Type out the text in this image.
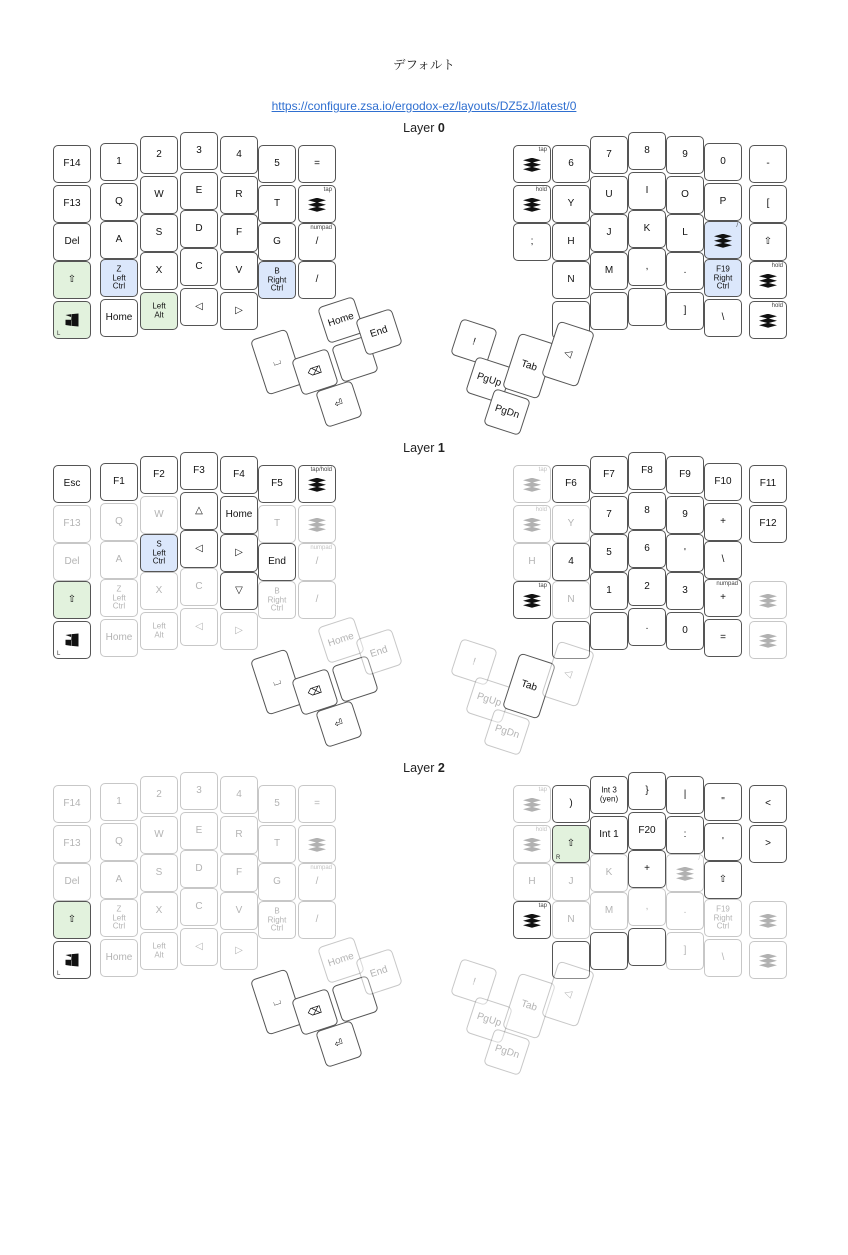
デフォルト
https://configure.zsa.io/ergodox-ez/layouts/DZ5zJ/latest/0
Layer 0
F14	1
2	3	4
5	=
F13	Q
W	E	R
T
tap
Del	A
S	D	F
G	/
numpad
⇧
Z
Left
Ctrl
X	C	V	B
Right
Ctrl
/
L
Home
Left
Alt
◁	▷
tap
6
7	8	9
0	-
hold
Y
U	I	O
P	[
;	H
J	K	L
/
⇧
N
M	,	.	F19
Right
Ctrl
hold
]
\
hold
⌴
⌫
Home
End
⏎
!
PgUp
PgDn
Tab
◁
Layer 1
Esc	F1
F2	F3	F4
F5
tap/hold
F13	Q
W	△	Home
T
Del	A
S
Left
Ctrl
◁	▷
End	/
numpad
⇧
Z
Left
Ctrl
X	C	▽	B
Right
Ctrl
/
L
Home
Left
Alt
◁	▷
tap
F6
F7	F8	F9
F10	F11
hold
Y
7	8	9
+	F12
H	4
5	6	'
\
tap
N
1	2	3
+
numpad
.	0
=
⌴
⌫
Home
End
⏎
!
PgUp
PgDn
Tab
◁
Layer 2
F14	1
2	3	4
5	=
F13	Q
W	E	R
T
Del	A
S	D	F
G	/
numpad
⇧
Z
Left
Ctrl
X	C	V	B
Right
Ctrl
/
L
Home
Left
Alt
◁	▷
tap
)
Int 3
(yen)
}	|
"	<
hold
⇧
R
Int 1	F20	:
'	>
H	J
K	+
/
⇧
tap
N
M	,	.	F19
Right
Ctrl
]
\
⌴
⌫
Home
End
⏎
!
PgUp
PgDn
Tab
◁
